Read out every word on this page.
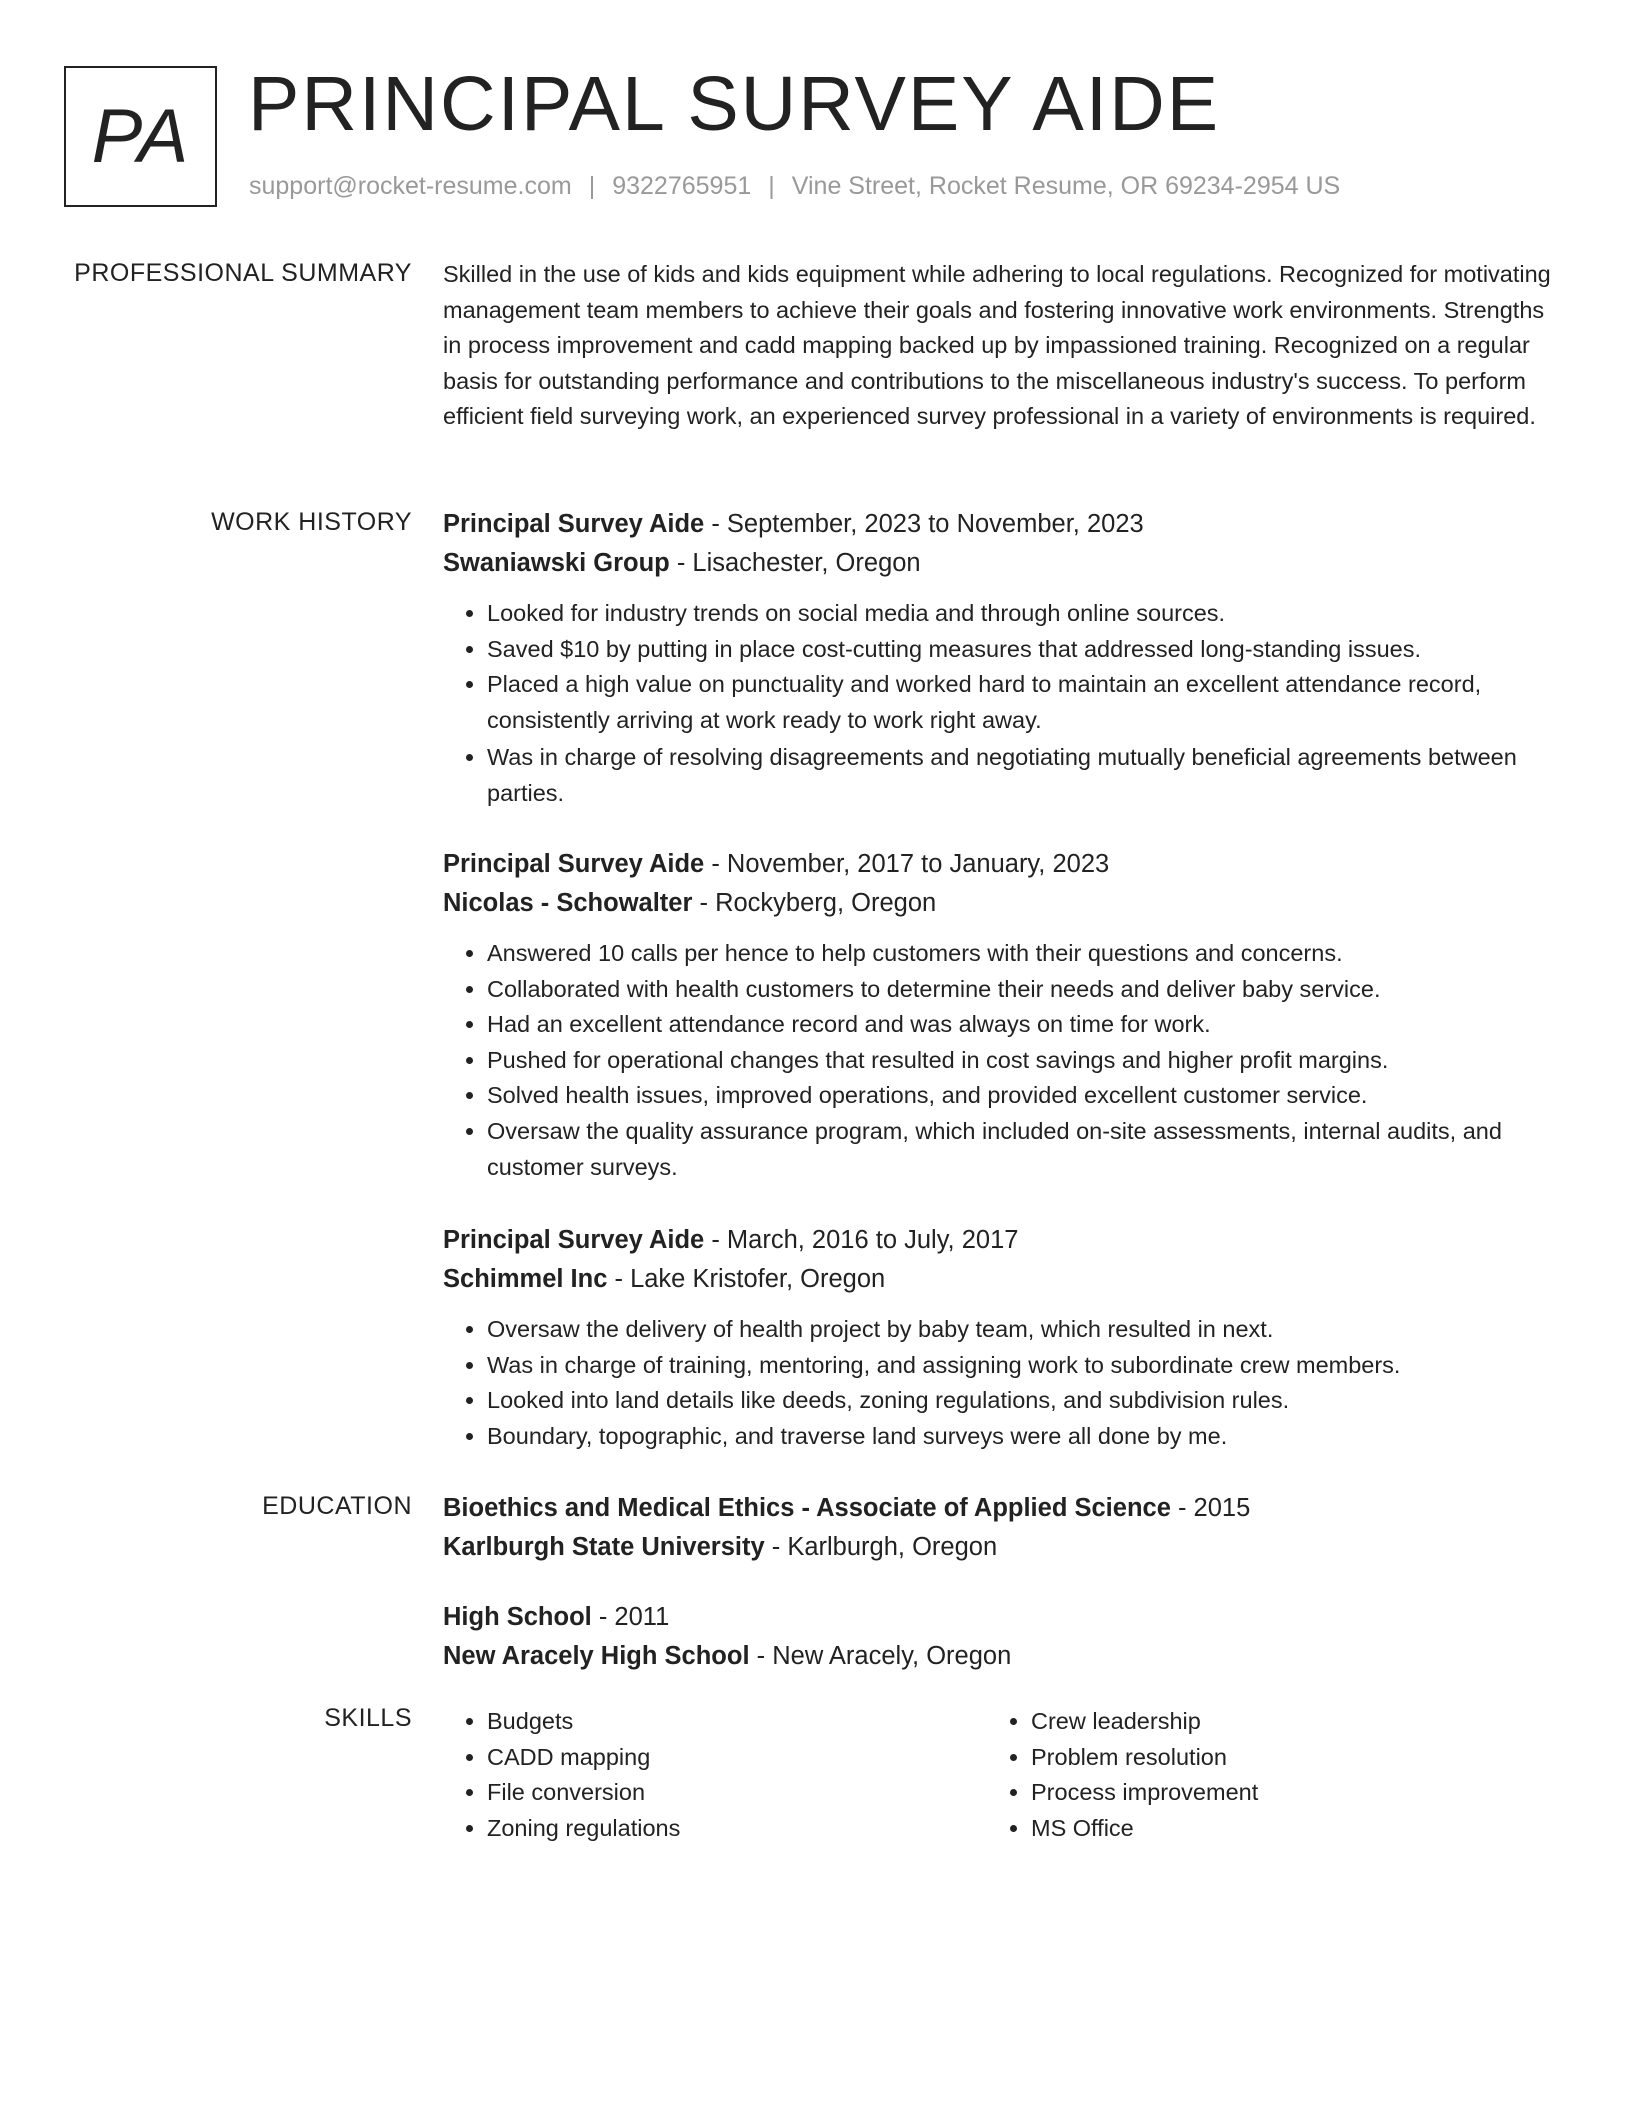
PA PRINCIPAL SURVEY AIDE
support@rocket-resume.com | 9322765951 | Vine Street, Rocket Resume, OR 69234-2954 US
PROFESSIONAL SUMMARY Skilled in the use of kids and kids equipment while adhering to local regulations. Recognized for motivating management team members to achieve their goals and fostering innovative work environments. Strengths in process improvement and cadd mapping backed up by impassioned training. Recognized on a regular basis for outstanding performance and contributions to the miscellaneous industry's success. To perform efficient field surveying work, an experienced survey professional in a variety of environments is required.

WORK HISTORY Principal Survey Aide - September, 2023 to November, 2023
Swaniawski Group - Lisachester, Oregon
• Looked for industry trends on social media and through online sources.
• Saved $10 by putting in place cost-cutting measures that addressed long-standing issues.
• Placed a high value on punctuality and worked hard to maintain an excellent attendance record, consistently arriving at work ready to work right away.
• Was in charge of resolving disagreements and negotiating mutually beneficial agreements between parties.
Principal Survey Aide - November, 2017 to January, 2023
Nicolas - Schowalter - Rockyberg, Oregon
• Answered 10 calls per hence to help customers with their questions and concerns.
• Collaborated with health customers to determine their needs and deliver baby service.
• Had an excellent attendance record and was always on time for work.
• Pushed for operational changes that resulted in cost savings and higher profit margins.
• Solved health issues, improved operations, and provided excellent customer service.
• Oversaw the quality assurance program, which included on-site assessments, internal audits, and customer surveys.
Principal Survey Aide - March, 2016 to July, 2017
Schimmel Inc - Lake Kristofer, Oregon
• Oversaw the delivery of health project by baby team, which resulted in next.
• Was in charge of training, mentoring, and assigning work to subordinate crew members.
• Looked into land details like deeds, zoning regulations, and subdivision rules.
• Boundary, topographic, and traverse land surveys were all done by me.
EDUCATION Bioethics and Medical Ethics - Associate of Applied Science - 2015
Karlburgh State University - Karlburgh, Oregon
High School - 2011
New Aracely High School - New Aracely, Oregon
SKILLS
•	Budgets
• CADD mapping
• File conversion
• Zoning regulations
• Crew leadership
• Problem resolution
• Process improvement
• MS Office
